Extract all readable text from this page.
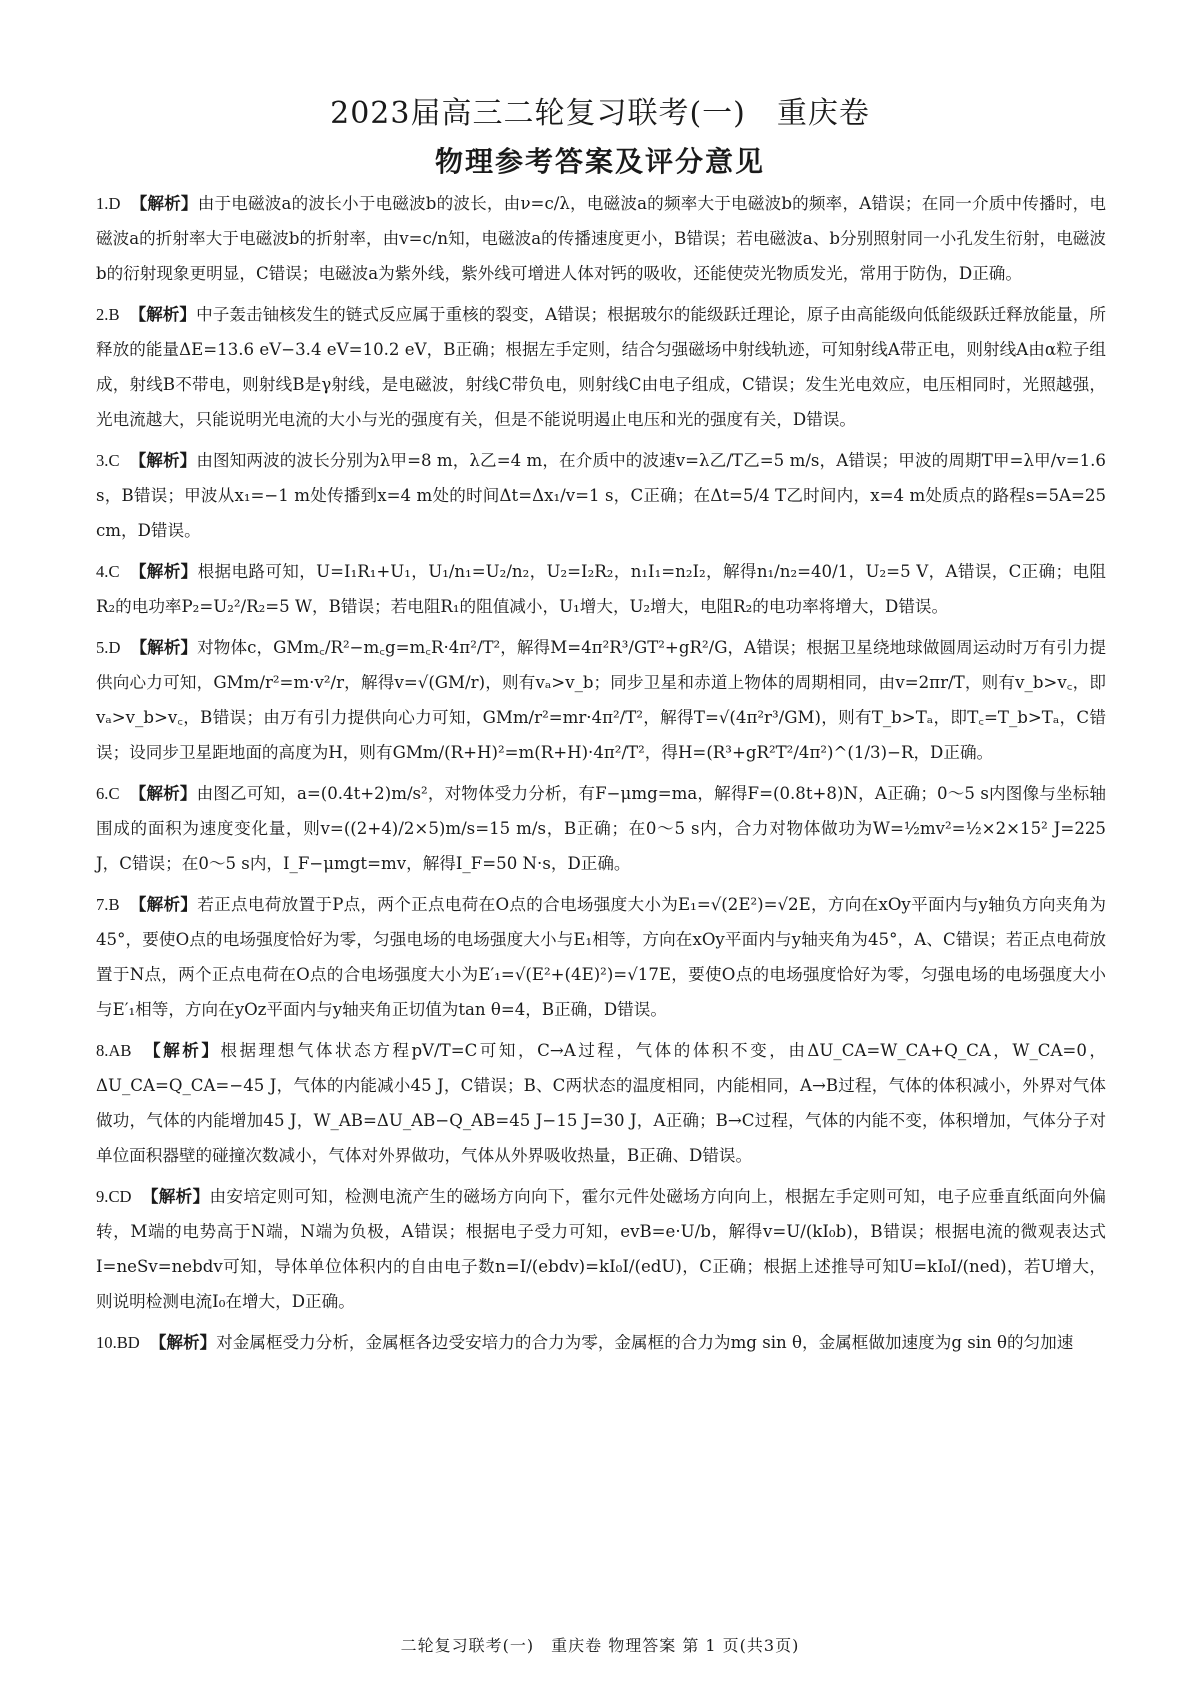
2023届高三二轮复习联考(一)　重庆卷
物理参考答案及评分意见
1.D 【解析】由于电磁波a的波长小于电磁波b的波长，由ν=c/λ，电磁波a的频率大于电磁波b的频率，A错误；在同一介质中传播时，电磁波a的折射率大于电磁波b的折射率，由v=c/n知，电磁波a的传播速度更小，B错误；若电磁波a、b分别照射同一小孔发生衍射，电磁波b的衍射现象更明显，C错误；电磁波a为紫外线，紫外线可增进人体对钙的吸收，还能使荧光物质发光，常用于防伪，D正确。
2.B 【解析】中子轰击铀核发生的链式反应属于重核的裂变，A错误；根据玻尔的能级跃迁理论，原子由高能级向低能级跃迁释放能量，所释放的能量ΔE=13.6 eV−3.4 eV=10.2 eV，B正确；根据左手定则，结合匀强磁场中射线轨迹，可知射线A带正电，则射线A由α粒子组成，射线B不带电，则射线B是γ射线，是电磁波，射线C带负电，则射线C由电子组成，C错误；发生光电效应，电压相同时，光照越强，光电流越大，只能说明光电流的大小与光的强度有关，但是不能说明遏止电压和光的强度有关，D错误。
3.C 【解析】由图知两波的波长分别为λ甲=8 m，λ乙=4 m，在介质中的波速v=λ乙/T乙=5 m/s，A错误；甲波的周期T甲=λ甲/v=1.6 s，B错误；甲波从x₁=−1 m处传播到x=4 m处的时间Δt=Δx₁/v=1 s，C正确；在Δt=5/4 T乙时间内，x=4 m处质点的路程s=5A=25 cm，D错误。
4.C 【解析】根据电路可知，U=I₁R₁+U₁，U₁/n₁=U₂/n₂，U₂=I₂R₂，n₁I₁=n₂I₂，解得n₁/n₂=40/1，U₂=5 V，A错误，C正确；电阻R₂的电功率P₂=U₂²/R₂=5 W，B错误；若电阻R₁的阻值减小，U₁增大，U₂增大，电阻R₂的电功率将增大，D错误。
5.D 【解析】对物体c，GMm꜀/R²−m꜀g=m꜀R·4π²/T²，解得M=4π²R³/GT²+gR²/G，A错误；根据卫星绕地球做圆周运动时万有引力提供向心力可知，GMm/r²=m·v²/r，解得v=√(GM/r)，则有vₐ>v_b；同步卫星和赤道上物体的周期相同，由v=2πr/T，则有v_b>v꜀，即vₐ>v_b>v꜀，B错误；由万有引力提供向心力可知，GMm/r²=mr·4π²/T²，解得T=√(4π²r³/GM)，则有T_b>Tₐ，即T꜀=T_b>Tₐ，C错误；设同步卫星距地面的高度为H，则有GMm/(R+H)²=m(R+H)·4π²/T²，得H=(R³+gR²T²/4π²)^(1/3)−R，D正确。
6.C 【解析】由图乙可知，a=(0.4t+2)m/s²，对物体受力分析，有F−μmg=ma，解得F=(0.8t+8)N，A正确；0～5 s内图像与坐标轴围成的面积为速度变化量，则v=((2+4)/2×5)m/s=15 m/s，B正确；在0～5 s内，合力对物体做功为W=½mv²=½×2×15² J=225 J，C错误；在0～5 s内，I_F−μmgt=mv，解得I_F=50 N·s，D正确。
7.B 【解析】若正点电荷放置于P点，两个正点电荷在O点的合电场强度大小为E₁=√(2E²)=√2E，方向在xOy平面内与y轴负方向夹角为45°，要使O点的电场强度恰好为零，匀强电场的电场强度大小与E₁相等，方向在xOy平面内与y轴夹角为45°，A、C错误；若正点电荷放置于N点，两个正点电荷在O点的合电场强度大小为E′₁=√(E²+(4E)²)=√17E，要使O点的电场强度恰好为零，匀强电场的电场强度大小与E′₁相等，方向在yOz平面内与y轴夹角正切值为tan θ=4，B正确，D错误。
8.AB 【解析】根据理想气体状态方程pV/T=C可知，C→A过程，气体的体积不变，由ΔU_CA=W_CA+Q_CA，W_CA=0，ΔU_CA=Q_CA=−45 J，气体的内能减小45 J，C错误；B、C两状态的温度相同，内能相同，A→B过程，气体的体积减小，外界对气体做功，气体的内能增加45 J，W_AB=ΔU_AB−Q_AB=45 J−15 J=30 J，A正确；B→C过程，气体的内能不变，体积增加，气体分子对单位面积器壁的碰撞次数减小，气体对外界做功，气体从外界吸收热量，B正确、D错误。
9.CD 【解析】由安培定则可知，检测电流产生的磁场方向向下，霍尔元件处磁场方向向上，根据左手定则可知，电子应垂直纸面向外偏转，M端的电势高于N端，N端为负极，A错误；根据电子受力可知，evB=e·U/b，解得v=U/(kI₀b)，B错误；根据电流的微观表达式I=neSv=nebdv可知，导体单位体积内的自由电子数n=I/(ebdv)=kI₀I/(edU)，C正确；根据上述推导可知U=kI₀I/(ned)，若U增大，则说明检测电流I₀在增大，D正确。
10.BD 【解析】对金属框受力分析，金属框各边受安培力的合力为零，金属框的合力为mg sin θ，金属框做加速度为g sin θ的匀加速
二轮复习联考(一)　重庆卷 物理答案 第 1 页(共3页)
